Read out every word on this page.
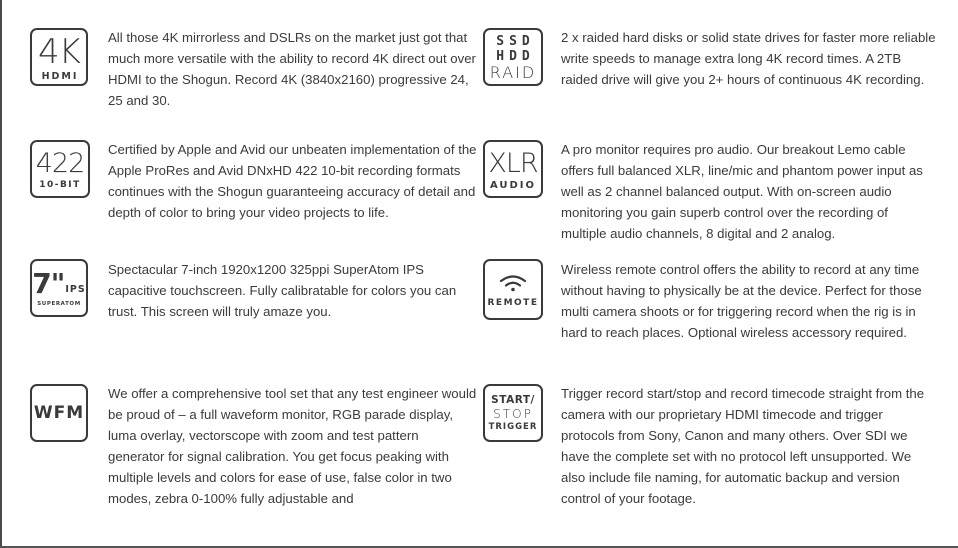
4K
HDMI

All those 4K mirrorless and DSLRs on the market just got that much more versatile with the ability to record 4K direct out over HDMI to the Shogun. Record 4K (3840x2160) progressive 24, 25 and 30.

SSD
HDD
RAID

2 x raided hard disks or solid state drives for faster more reliable write speeds to manage extra long 4K record times. A 2TB raided drive will give you 2+ hours of continuous 4K recording.

422
10-BIT

Certified by Apple and Avid our unbeaten implementation of the Apple ProRes and Avid DNxHD 422 10-bit recording formats continues with the Shogun guaranteeing accuracy of detail and depth of color to bring your video projects to life.

XLR
AUDIO

A pro monitor requires pro audio. Our breakout Lemo cable offers full balanced XLR, line/mic and phantom power input as well as 2 channel balanced output. With on-screen audio monitoring you gain superb control over the recording of multiple audio channels, 8 digital and 2 analog.

7" IPS
SUPERATOM

Spectacular 7-inch 1920x1200 325ppi SuperAtom IPS capacitive touchscreen. Fully calibratable for colors you can trust. This screen will truly amaze you.

REMOTE

Wireless remote control offers the ability to record at any time without having to physically be at the device. Perfect for those multi camera shoots or for triggering record when the rig is in hard to reach places. Optional wireless accessory required.

WFM

We offer a comprehensive tool set that any test engineer would be proud of – a full waveform monitor, RGB parade display, luma overlay, vectorscope with zoom and test pattern generator for signal calibration. You get focus peaking with multiple levels and colors for ease of use, false color in two modes, zebra 0-100% fully adjustable and

START/
STOP
TRIGGER

Trigger record start/stop and record timecode straight from the camera with our proprietary HDMI timecode and trigger protocols from Sony, Canon and many others. Over SDI we have the complete set with no protocol left unsupported. We also include file naming, for automatic backup and version control of your footage.
